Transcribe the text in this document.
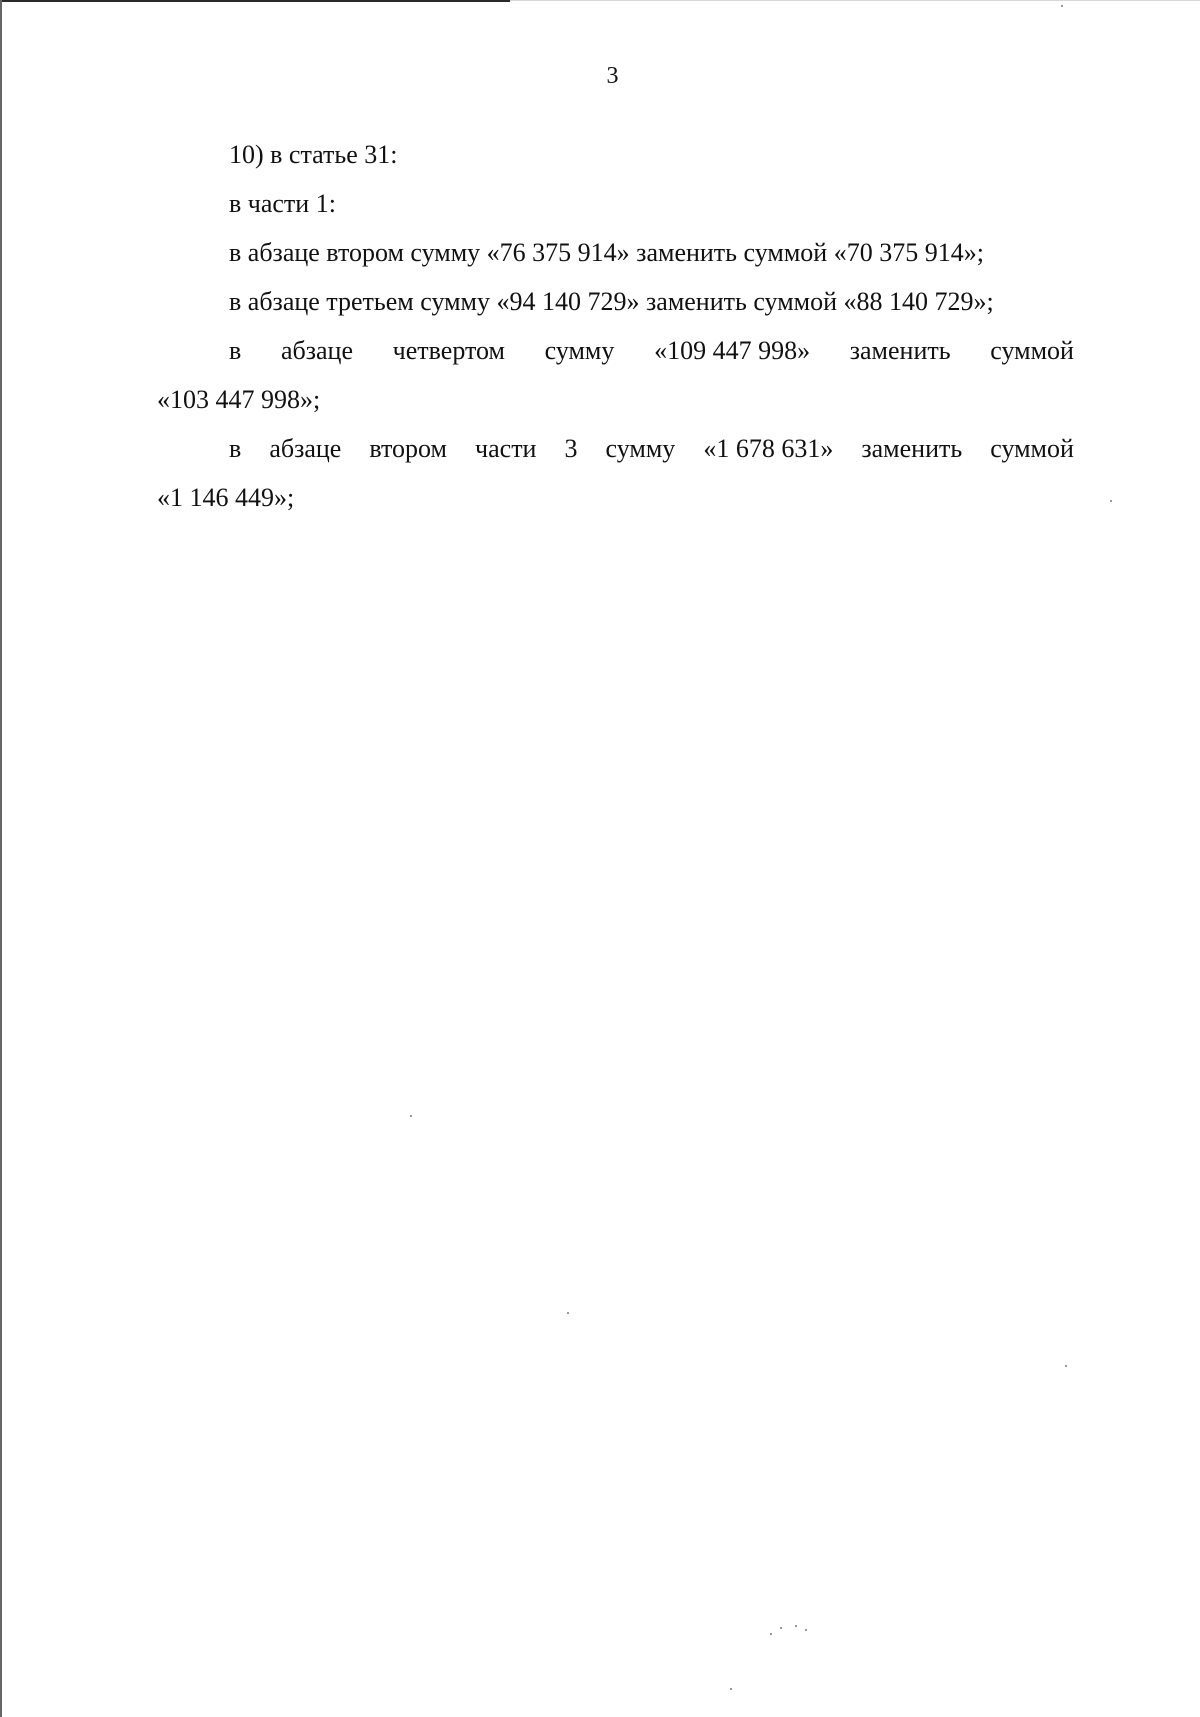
3
10) в статье 31:
в части 1:
в абзаце втором сумму «76 375 914» заменить суммой «70 375 914»;
в абзаце третьем сумму «94 140 729» заменить суммой «88 140 729»;
в абзаце четвертом сумму «109 447 998» заменить суммой
«103 447 998»;
в абзаце втором части 3 сумму «1 678 631» заменить суммой
«1 146 449»;
